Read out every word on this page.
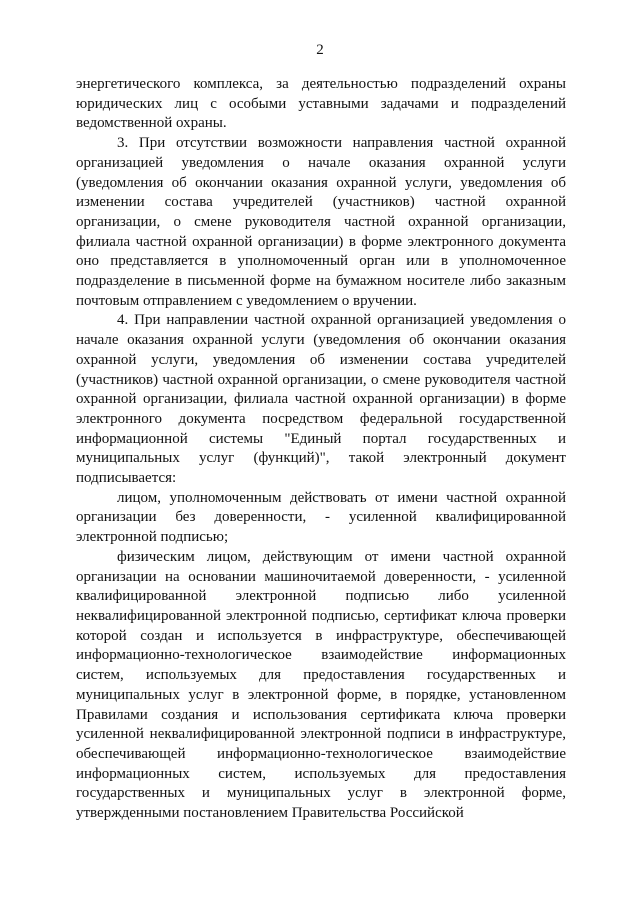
2

энергетического комплекса, за деятельностью подразделений охраны юридических лиц с особыми уставными задачами и подразделений ведомственной охраны.

3. При отсутствии возможности направления частной охранной организацией уведомления о начале оказания охранной услуги (уведомления об окончании оказания охранной услуги, уведомления об изменении состава учредителей (участников) частной охранной организации, о смене руководителя частной охранной организации, филиала частной охранной организации) в форме электронного документа оно представляется в уполномоченный орган или в уполномоченное подразделение в письменной форме на бумажном носителе либо заказным почтовым отправлением с уведомлением о вручении.

4. При направлении частной охранной организацией уведомления о начале оказания охранной услуги (уведомления об окончании оказания охранной услуги, уведомления об изменении состава учредителей (участников) частной охранной организации, о смене руководителя частной охранной организации, филиала частной охранной организации) в форме электронного документа посредством федеральной государственной информационной системы "Единый портал государственных и муниципальных услуг (функций)", такой электронный документ подписывается:

лицом, уполномоченным действовать от имени частной охранной организации без доверенности, - усиленной квалифицированной электронной подписью;

физическим лицом, действующим от имени частной охранной организации на основании машиночитаемой доверенности, - усиленной квалифицированной электронной подписью либо усиленной неквалифицированной электронной подписью, сертификат ключа проверки которой создан и используется в инфраструктуре, обеспечивающей информационно-технологическое взаимодействие информационных систем, используемых для предоставления государственных и муниципальных услуг в электронной форме, в порядке, установленном Правилами создания и использования сертификата ключа проверки усиленной неквалифицированной электронной подписи в инфраструктуре, обеспечивающей информационно-технологическое взаимодействие информационных систем, используемых для предоставления государственных и муниципальных услуг в электронной форме, утвержденными постановлением Правительства Российской
